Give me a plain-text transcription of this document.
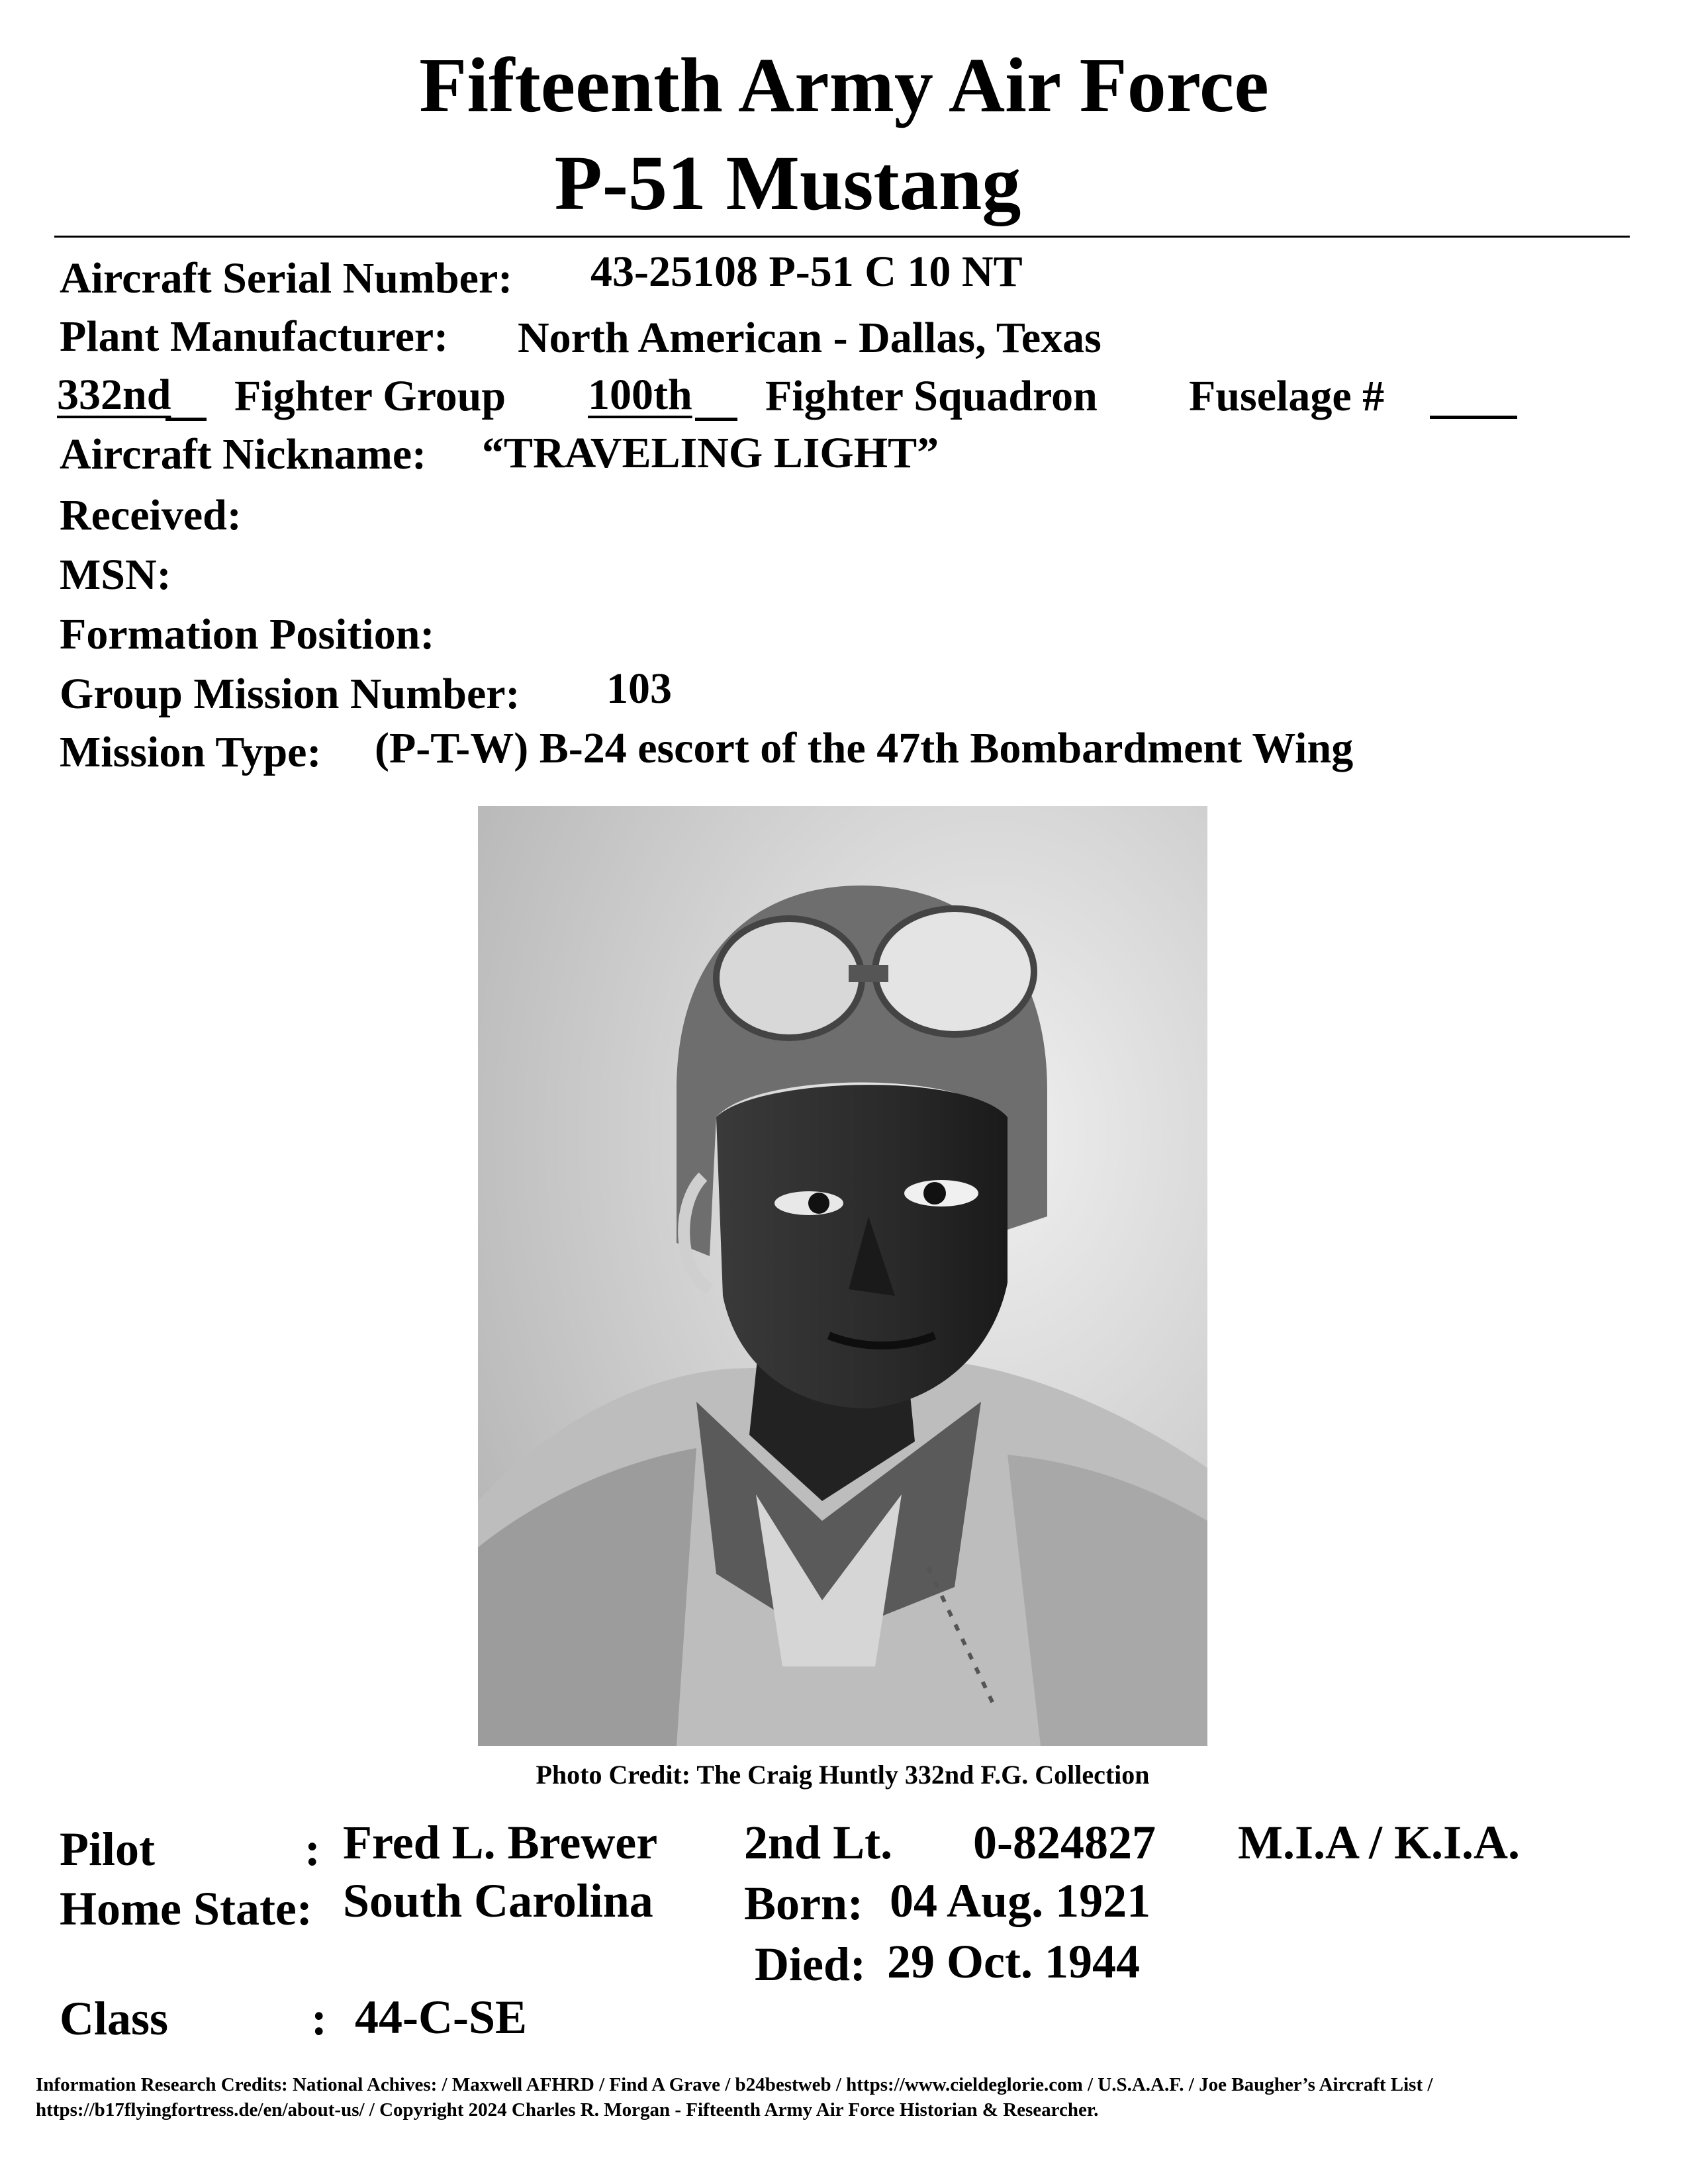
Fifteenth Army Air Force
P-51 Mustang
Aircraft Serial Number: 43-25108 P-51 C 10 NT
Plant Manufacturer: North American - Dallas, Texas
332nd Fighter Group 100th Fighter Squadron Fuselage #
Aircraft Nickname: “TRAVELING LIGHT”
Received:
MSN:
Formation Position:
Group Mission Number: 103
Mission Type: (P-T-W) B-24 escort of the 47th Bombardment Wing
Photo Credit: The Craig Huntly 332nd F.G. Collection
Pilot	: Fred L. Brewer 2nd Lt. 0-824827 M.I.A / K.I.A.
Home State: South Carolina Born: 04 Aug. 1921
Died: 29 Oct. 1944
Class	: 44-C-SE
Information Research Credits: National Achives: / Maxwell AFHRD / Find A Grave / b24bestweb / https://www.cieldeglorie.com / U.S.A.A.F. / Joe Baugher’s Aircraft List /
https://b17flyingfortress.de/en/about-us/ / Copyright 2024 Charles R. Morgan - Fifteenth Army Air Force Historian & Researcher.
